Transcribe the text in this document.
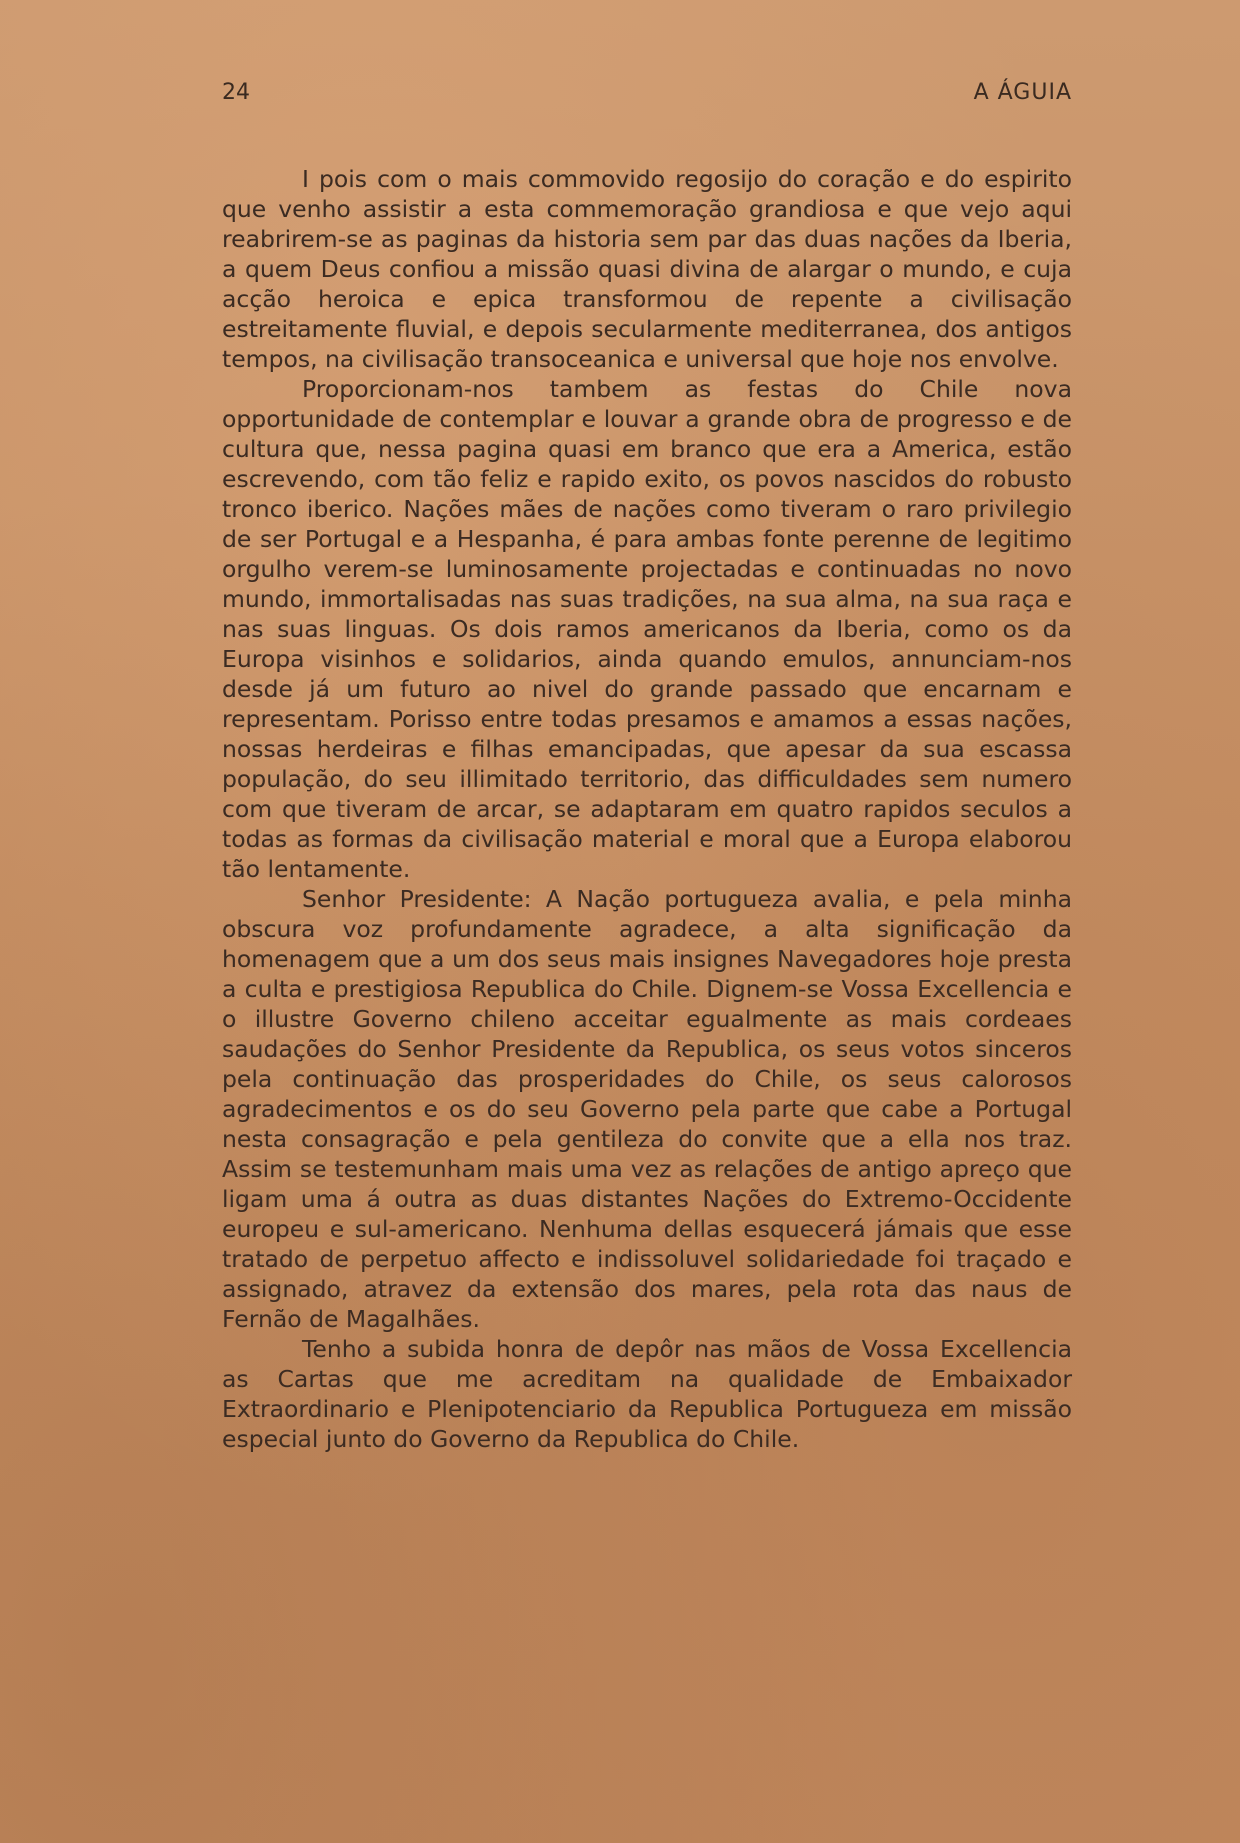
24	A ÁGUIA

I pois com o mais commovido regosijo do coração e do espirito que venho assistir a esta commemoração grandiosa e que vejo aqui reabrirem-se as paginas da historia sem par das duas nações da Iberia, a quem Deus confiou a missão quasi divina de alargar o mundo, e cuja acção heroica e epica transformou de repente a civilisação estreitamente fluvial, e depois secularmente mediterranea, dos antigos tempos, na civilisação transoceanica e universal que hoje nos envolve.

Proporcionam-nos tambem as festas do Chile nova opportunidade de contemplar e louvar a grande obra de progresso e de cultura que, nessa pagina quasi em branco que era a America, estão escrevendo, com tão feliz e rapido exito, os povos nascidos do robusto tronco iberico. Nações mães de nações como tiveram o raro privilegio de ser Portugal e a Hespanha, é para ambas fonte perenne de legitimo orgulho verem-se luminosamente projectadas e continuadas no novo mundo, immortalisadas nas suas tradições, na sua alma, na sua raça e nas suas linguas. Os dois ramos americanos da Iberia, como os da Europa visinhos e solidarios, ainda quando emulos, annunciam-nos desde já um futuro ao nivel do grande passado que encarnam e representam. Porisso entre todas presamos e amamos a essas nações, nossas herdeiras e filhas emancipadas, que apesar da sua escassa população, do seu illimitado territorio, das difficuldades sem numero com que tiveram de arcar, se adaptaram em quatro rapidos seculos a todas as formas da civilisação material e moral que a Europa elaborou tão lentamente.

Senhor Presidente: A Nação portugueza avalia, e pela minha obscura voz profundamente agradece, a alta significação da homenagem que a um dos seus mais insignes Navegadores hoje presta a culta e prestigiosa Republica do Chile. Dignem-se Vossa Excellencia e o illustre Governo chileno acceitar egualmente as mais cordeaes saudações do Senhor Presidente da Republica, os seus votos sinceros pela continuação das prosperidades do Chile, os seus calorosos agradecimentos e os do seu Governo pela parte que cabe a Portugal nesta consagração e pela gentileza do convite que a ella nos traz. Assim se testemunham mais uma vez as relações de antigo apreço que ligam uma á outra as duas distantes Nações do Extremo-Occidente europeu e sul-americano. Nenhuma dellas esquecerá jámais que esse tratado de perpetuo affecto e indissoluvel solidariedade foi traçado e assignado, atravez da extensão dos mares, pela rota das naus de Fernão de Magalhães.

Tenho a subida honra de depôr nas mãos de Vossa Excellencia as Cartas que me acreditam na qualidade de Embaixador Extraordinario e Plenipotenciario da Republica Portugueza em missão especial junto do Governo da Republica do Chile.
